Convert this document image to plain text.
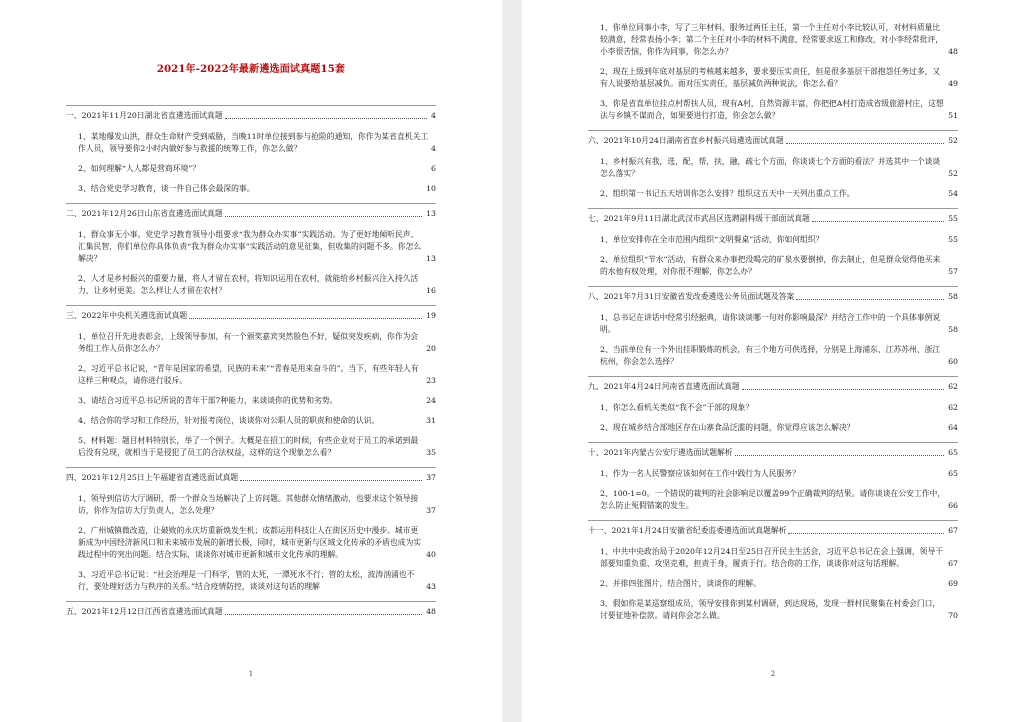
2021年-2022年最新遴选面试真题15套
一、2021年11月20日湖北省直遴选面试真题	4
1、某地爆发山洪，群众生命财产受到威胁，当晚11时单位接到参与抢险的通知，你作为某省直机关工作人员，领导要你2小时内做好参与救援的统筹工作，你怎么做？	4
2、如何理解“人人都是营商环境”？	6
3、结合党史学习教育，谈一件自己体会最深的事。	10
二、2021年12月26日山东省直遴选面试真题	13
1、群众事无小事。党史学习教育领导小组要求“我为群众办实事”实践活动。为了更好地倾听民声、汇集民智，你们单位你具体负责“我为群众办实事”实践活动的意见征集，但收集的问题不多。你怎么解决？	13
2、人才是乡村振兴的重要力量，将人才留在农村，将知识运用在农村，就能给乡村振兴注入持久活力，让乡村更美。怎么样让人才留在农村？	16
三、2022年中央机关遴选面试真题	19
1、单位召开先进表彰会，上级领导参加，有一个颁奖嘉宾突然脸色不好，疑似突发疾病，你作为会务组工作人员你怎么办？	20
2、习近平总书记说，“青年是国家的希望，民族的未来”“青春是用来奋斗的”。当下，有些年轻人有这样三种观点，请你进行驳斥。	23
3、请结合习近平总书记所说的青年干部7种能力，来谈谈你的优势和劣势。	24
4、结合你的学习和工作经历，针对报考岗位，谈谈你对公职人员的职责和使命的认识。	31
5、材料题：题目材料特别长，举了一个例子。大概是在招工的时候，有些企业对于员工的承诺到最后没有兑现，就相当于是侵犯了员工的合法权益，这样的这个现象怎么看？	35
四、2021年12月25日上午福建省直遴选面试真题	37
1、领导到信访大厅调研，帮一个群众当场解决了上访问题。其他群众情绪激动，也要求这个领导接访，你作为信访大厅负责人，怎么处理？	37
2、广州城镇微改造，让破败的永庆坊重新焕发生机；成都运用科技让人在街区历史中漫步。城市更新成为中国经济新风口和未来城市发展的新增长极，同时，城市更新与区域文化传承的矛盾也成为实践过程中的突出问题。结合实际，谈谈你对城市更新和城市文化传承的理解。	40
3、习近平总书记说：“社会治理是一门科学，管的太死，一潭死水不行；管的太松，波涛汹涌也不行，要处理好活力与秩序的关系。”结合疫情防控，谈谈对这句话的理解	43
五、2021年12月12日江西省直遴选面试真题	48
1
1、你单位同事小李，写了三年材料，服务过两任主任，第一个主任对小李比较认可，对材料质量比较满意，经常表扬小李；第二个主任对小李的材料不满意，经常要求返工和修改，对小李经常批评，小李很苦恼，你作为同事，你怎么办？	48
2、现在上级到年底对基层的考核越来越多，要求要压实责任，但是很多基层干部抱怨任务过多，又有人说要给基层减负。面对压实责任，基层减负两种说法，你怎么看？	49
3、你是省直单位挂点村帮扶人员，现有A村，自然资源丰富，你把把A村打造成省级旅游村庄，这想法与乡镇不谋而合，如果要进行打造，你会怎么做？	51
六、2021年10月24日湖南省直乡村振兴局遴选面试真题	52
1、乡村振兴有我，选，配，帮，扶，融，疏七个方面，你谈谈七个方面的看法？并选其中一个谈谈怎么落实？	52
2、组织第一书记五天培训你怎么安排？组织这五天中一天列出重点工作。	54
七、2021年9月11日湖北武汉市武昌区选聘副科级干部面试真题	55
1、单位安排你在全市范围内组织“文明餐桌”活动，你如何组织？	55
2、单位组织“节水”活动，有群众来办事把没喝完的矿泉水要倒掉，你去制止，但是群众觉得他买来的水他有权处理，对你很不理解，你怎么办？	57
八、2021年7月31日安徽省发改委遴选公务员面试题及答案	58
1、总书记在讲话中经常引经据典，请你谈谈哪一句对你影响最深？并结合工作中的一个具体事例说明。	58
2、当前单位有一个外出挂职锻炼的机会，有三个地方可供选择，分别是上海浦东、江苏苏州、浙江杭州，你会怎么选择？	60
九、2021年4月24日河南省直遴选面试真题	62
1、你怎么看机关类似“我不会”干部的现象？	62
2、现在城乡结合部地区存在山寨食品泛滥的问题，你觉得应该怎么解决？	64
十、2021年内蒙古公安厅遴选面试题解析	65
1、作为一名人民警察应该如何在工作中践行为人民服务？	65
2、100-1=0。一个错误的裁判的社会影响足以覆盖99个正确裁判的结果。请你谈谈在公安工作中，怎么防止冤假错案的发生。	66
十一、2021年1月24日安徽省纪委监委遴选面试真题解析	67
1、中共中央政治局于2020年12月24日至25日召开民主生活会，习近平总书记在会上强调，领导干部要知重负重、攻坚克难，担责于身，履责于行。结合你的工作，谈谈你对这句话理解。	67
2、并排四张图片，结合图片，谈谈你的理解。	69
3、假如你是某巡察组成员，领导安排你到某村调研，到达现场，发现一群村民聚集在村委会门口，讨要征地补偿款。请问你会怎么做。	70
2
